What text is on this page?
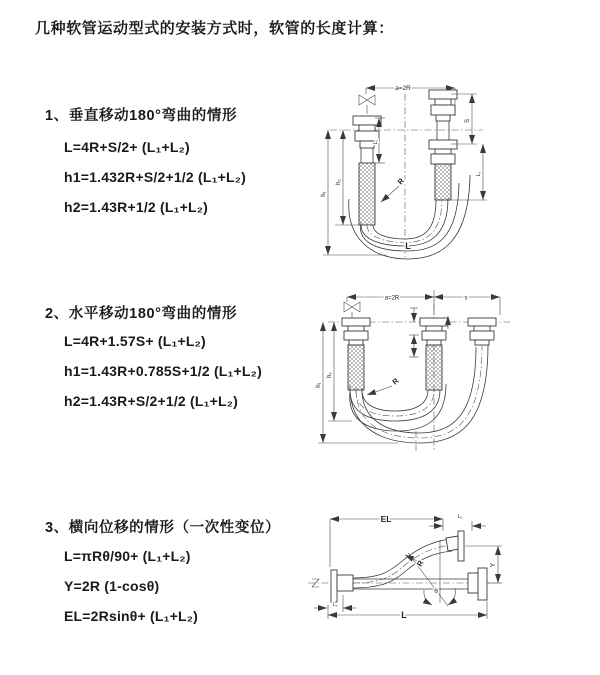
几种软管运动型式的安装方式时，软管的长度计算：
1、垂直移动180°弯曲的情形
L=4R+S/2+ (L₁+L₂)
h1=1.432R+S/2+1/2 (L₁+L₂)
h2=1.43R+1/2 (L₁+L₂)
2、水平移动180°弯曲的情形
L=4R+1.57S+ (L₁+L₂)
h1=1.43R+0.785S+1/2 (L₁+L₂)
h2=1.43R+S/2+1/2 (L₁+L₂)
3、横向位移的情形（一次性变位）
L=πRθ/90+ (L₁+L₂)
Y=2R (1-cosθ)
EL=2Rsinθ+ (L₁+L₂)
a=2R
h₁
h₂
L₁
S
L₂
R
L
a=2R	s
h₁
h₂
R
EL	L₂
Y
θ
R
L₁
L
